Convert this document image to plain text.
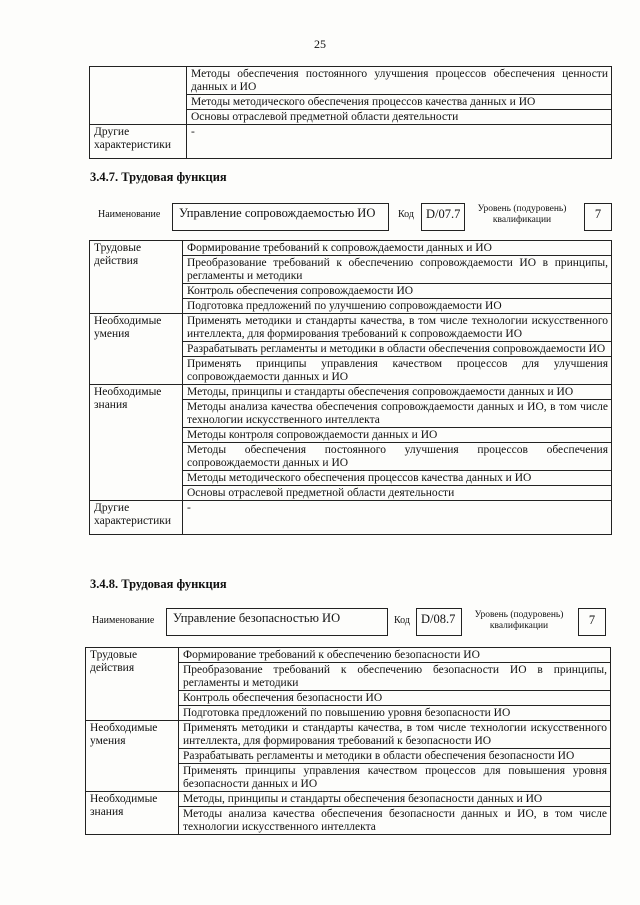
25
	Методы обеспечения постоянного улучшения процессов обеспечения ценности данных и ИО
	Методы методического обеспечения процессов качества данных и ИО
	Основы отраслевой предметной области деятельности
Другие характеристики	-
3.4.7. Трудовая функция
Наименование	Управление сопровождаемостью ИО	Код D/07.7	Уровень (подуровень) квалификации	7
Трудовые действия	Формирование требований к сопровождаемости данных и ИО
	Преобразование требований к обеспечению сопровождаемости ИО в принципы, регламенты и методики
	Контроль обеспечения сопровождаемости ИО
	Подготовка предложений по улучшению сопровождаемости ИО
Необходимые умения	Применять методики и стандарты качества, в том числе технологии искусственного интеллекта, для формирования требований к сопровождаемости ИО
	Разрабатывать регламенты и методики в области обеспечения сопровождаемости ИО
	Применять принципы управления качеством процессов для улучшения сопровождаемости данных и ИО
Необходимые знания	Методы, принципы и стандарты обеспечения сопровождаемости данных и ИО
	Методы анализа качества обеспечения сопровождаемости данных и ИО, в том числе технологии искусственного интеллекта
	Методы контроля сопровождаемости данных и ИО
	Методы обеспечения постоянного улучшения процессов обеспечения сопровождаемости данных и ИО
	Методы методического обеспечения процессов качества данных и ИО
	Основы отраслевой предметной области деятельности
Другие характеристики	-
3.4.8. Трудовая функция
Наименование	Управление безопасностью ИО	Код D/08.7	Уровень (подуровень) квалификации	7
Трудовые действия	Формирование требований к обеспечению безопасности ИО
	Преобразование требований к обеспечению безопасности ИО в принципы, регламенты и методики
	Контроль обеспечения безопасности ИО
	Подготовка предложений по повышению уровня безопасности ИО
Необходимые умения	Применять методики и стандарты качества, в том числе технологии искусственного интеллекта, для формирования требований к безопасности ИО
	Разрабатывать регламенты и методики в области обеспечения безопасности ИО
	Применять принципы управления качеством процессов для повышения уровня безопасности данных и ИО
Необходимые знания	Методы, принципы и стандарты обеспечения безопасности данных и ИО
	Методы анализа качества обеспечения безопасности данных и ИО, в том числе технологии искусственного интеллекта
